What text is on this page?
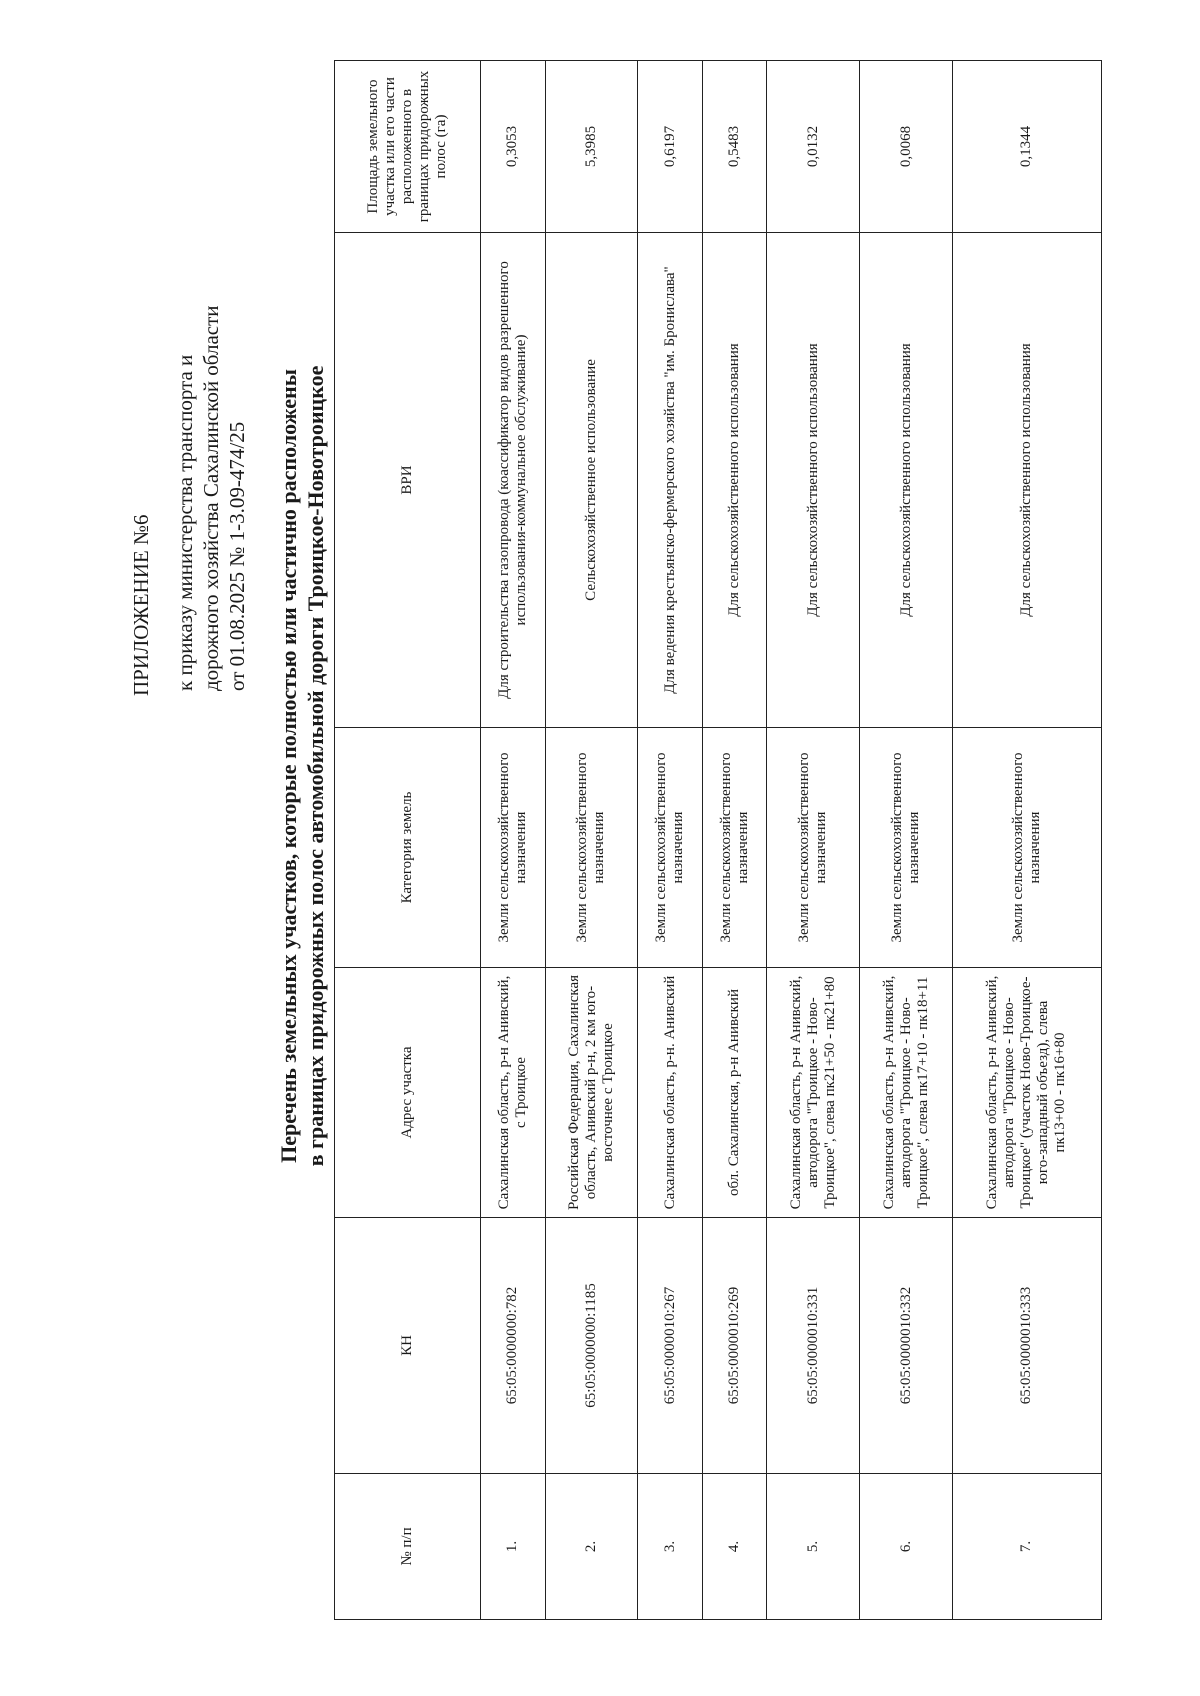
ПРИЛОЖЕНИЕ №6 к приказу министерства транспорта и дорожного хозяйства Сахалинской области от 01.08.2025 № 1-3.09-474/25 Перечень земельных участков, которые полностью или частично расположены в границах придорожных полос автомобильной дороги Троицкое-Новотроицкое
№ п/п	КН	Адрес участка	Категория земель	ВРИ	Площадь земельного участка или его части расположенного в границах придорожных полос (га)
1.	65:05:0000000:782	Сахалинская область, р-н Анивский, с Троицкое	Земли сельскохозяйственного назначения	Для строительства газопровода (коассификатор видов разрешенного использования-коммунальное обслуживание)	0,3053
2.	65:05:0000000:1185	Российская Федерация, Сахалинская область, Анивский р-н, 2 км юго-восточнее с Троицкое	Земли сельскохозяйственного назначения	Сельскохозяйственное использование	5,3985
3.	65:05:0000010:267	Сахалинская область, р-н. Анивский	Земли сельскохозяйственного назначения	Для ведения крестьянско-фермерского хозяйства "им. Бронислава"	0,6197
4.	65:05:0000010:269	обл. Сахалинская, р-н Анивский	Земли сельскохозяйственного назначения	Для сельскохозяйственного использования	0,5483
5.	65:05:0000010:331	Сахалинская область, р-н Анивский, автодорога "Троицкое - Ново-Троицкое", слева пк21+50 - пк21+80	Земли сельскохозяйственного назначения	Для сельскохозяйственного использования	0,0132
6.	65:05:0000010:332	Сахалинская область, р-н Анивский, автодорога "Троицкое - Ново-Троицкое", слева пк17+10 - пк18+11	Земли сельскохозяйственного назначения	Для сельскохозяйственного использования	0,0068
7.	65:05:0000010:333	Сахалинская область, р-н Анивский, автодорога "Троицкое - Ново-Троицкое" (участок Ново-Троицкое-юго-западный объезд), слева пк13+00 - пк16+80	Земли сельскохозяйственного назначения	Для сельскохозяйственного использования	0,1344
